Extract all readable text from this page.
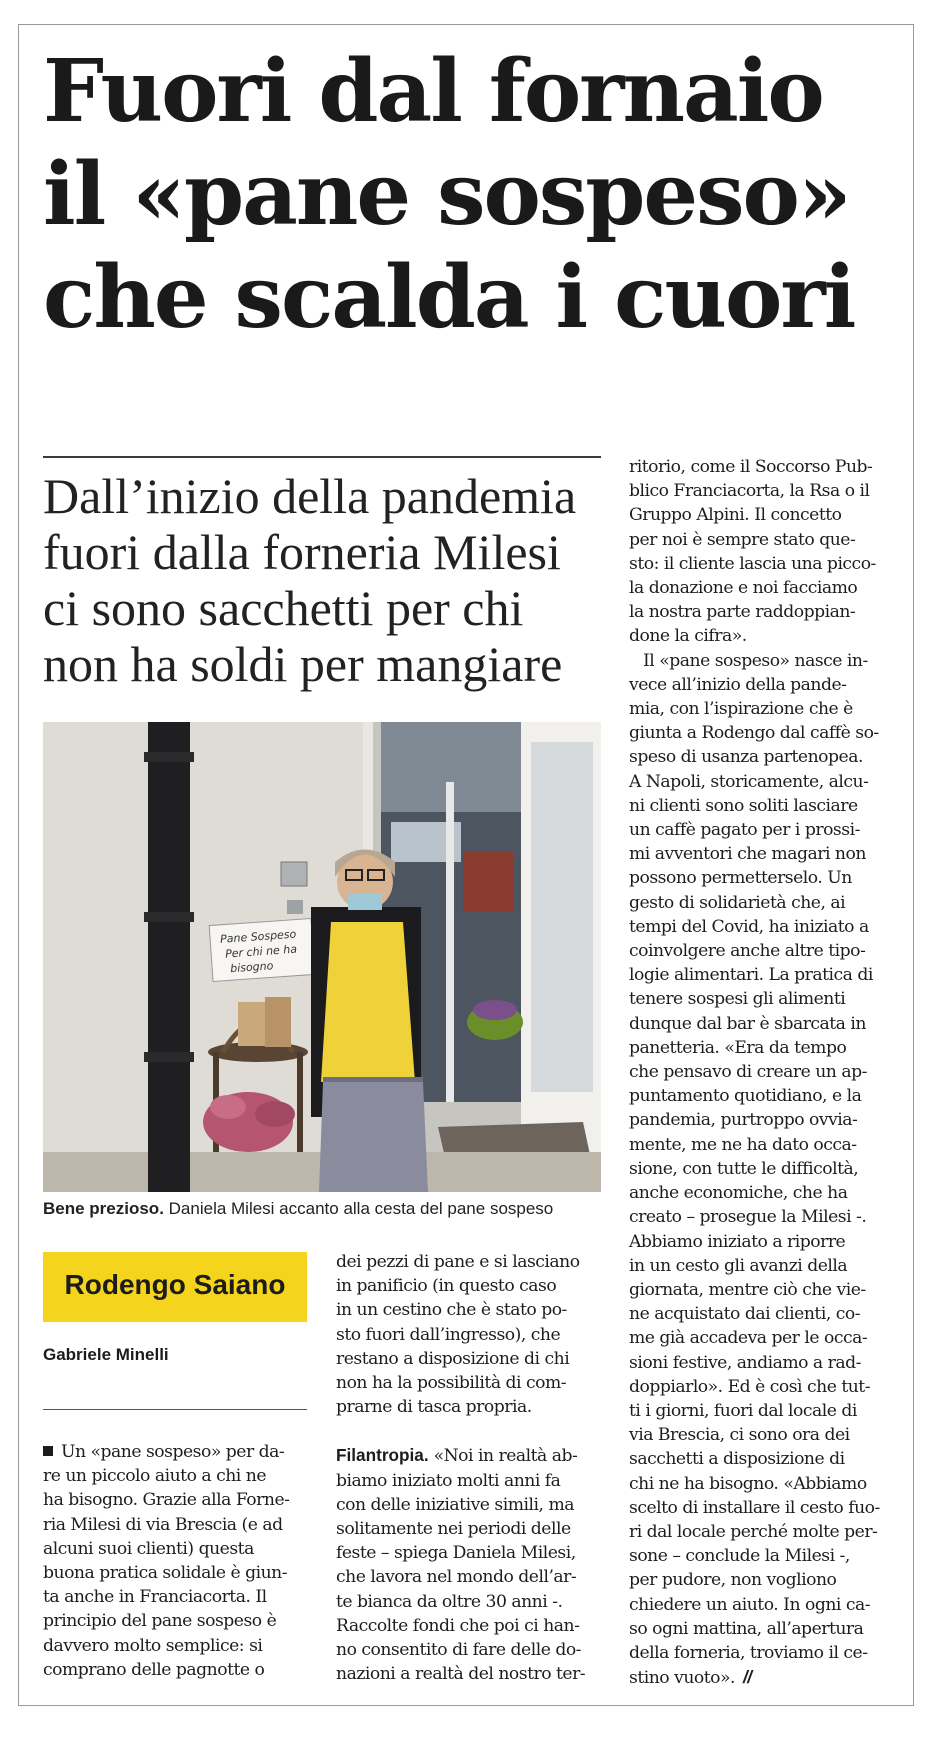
Fuori dal fornaio
il «pane sospeso»
che scalda i cuori
Dall’inizio della pandemia
fuori dalla forneria Milesi
ci sono sacchetti per chi
non ha soldi per mangiare
Pane Sospeso
Per chi ne ha
bisogno

Bene prezioso. Daniela Milesi accanto alla cesta del pane sospeso

Rodengo Saiano

Gabriele Minelli

Un «pane sospeso» per da-
re un piccolo aiuto a chi ne
ha bisogno. Grazie alla Forne-
ria Milesi di via Brescia (e ad
alcuni suoi clienti) questa
buona pratica solidale è giun-
ta anche in Franciacorta. Il
principio del pane sospeso è
davvero molto semplice: si
comprano delle pagnotte o
dei pezzi di pane e si lasciano
in panificio (in questo caso
in un cestino che è stato po-
sto fuori dall’ingresso), che
restano a disposizione di chi
non ha la possibilità di com-
prarne di tasca propria.
Filantropia. «Noi in realtà ab-
biamo iniziato molti anni fa
con delle iniziative simili, ma
solitamente nei periodi delle
feste – spiega Daniela Milesi,
che lavora nel mondo dell’ar-
te bianca da oltre 30 anni -.
Raccolte fondi che poi ci han-
no consentito di fare delle do-
nazioni a realtà del nostro ter-
ritorio, come il Soccorso Pub-
blico Franciacorta, la Rsa o il
Gruppo Alpini. Il concetto
per noi è sempre stato que-
sto: il cliente lascia una picco-
la donazione e noi facciamo
la nostra parte raddoppian-
done la cifra».
Il «pane sospeso» nasce in-
vece all’inizio della pande-
mia, con l’ispirazione che è
giunta a Rodengo dal caffè so-
speso di usanza partenopea.
A Napoli, storicamente, alcu-
ni clienti sono soliti lasciare
un caffè pagato per i prossi-
mi avventori che magari non
possono permetterselo. Un
gesto di solidarietà che, ai
tempi del Covid, ha iniziato a
coinvolgere anche altre tipo-
logie alimentari. La pratica di
tenere sospesi gli alimenti
dunque dal bar è sbarcata in
panetteria. «Era da tempo
che pensavo di creare un ap-
puntamento quotidiano, e la
pandemia, purtroppo ovvia-
mente, me ne ha dato occa-
sione, con tutte le difficoltà,
anche economiche, che ha
creato – prosegue la Milesi -.
Abbiamo iniziato a riporre
in un cesto gli avanzi della
giornata, mentre ciò che vie-
ne acquistato dai clienti, co-
me già accadeva per le occa-
sioni festive, andiamo a rad-
doppiarlo». Ed è così che tut-
ti i giorni, fuori dal locale di
via Brescia, ci sono ora dei
sacchetti a disposizione di
chi ne ha bisogno. «Abbiamo
scelto di installare il cesto fuo-
ri dal locale perché molte per-
sone – conclude la Milesi -,
per pudore, non vogliono
chiedere un aiuto. In ogni ca-
so ogni mattina, all’apertura
della forneria, troviamo il ce-
stino vuoto». //
